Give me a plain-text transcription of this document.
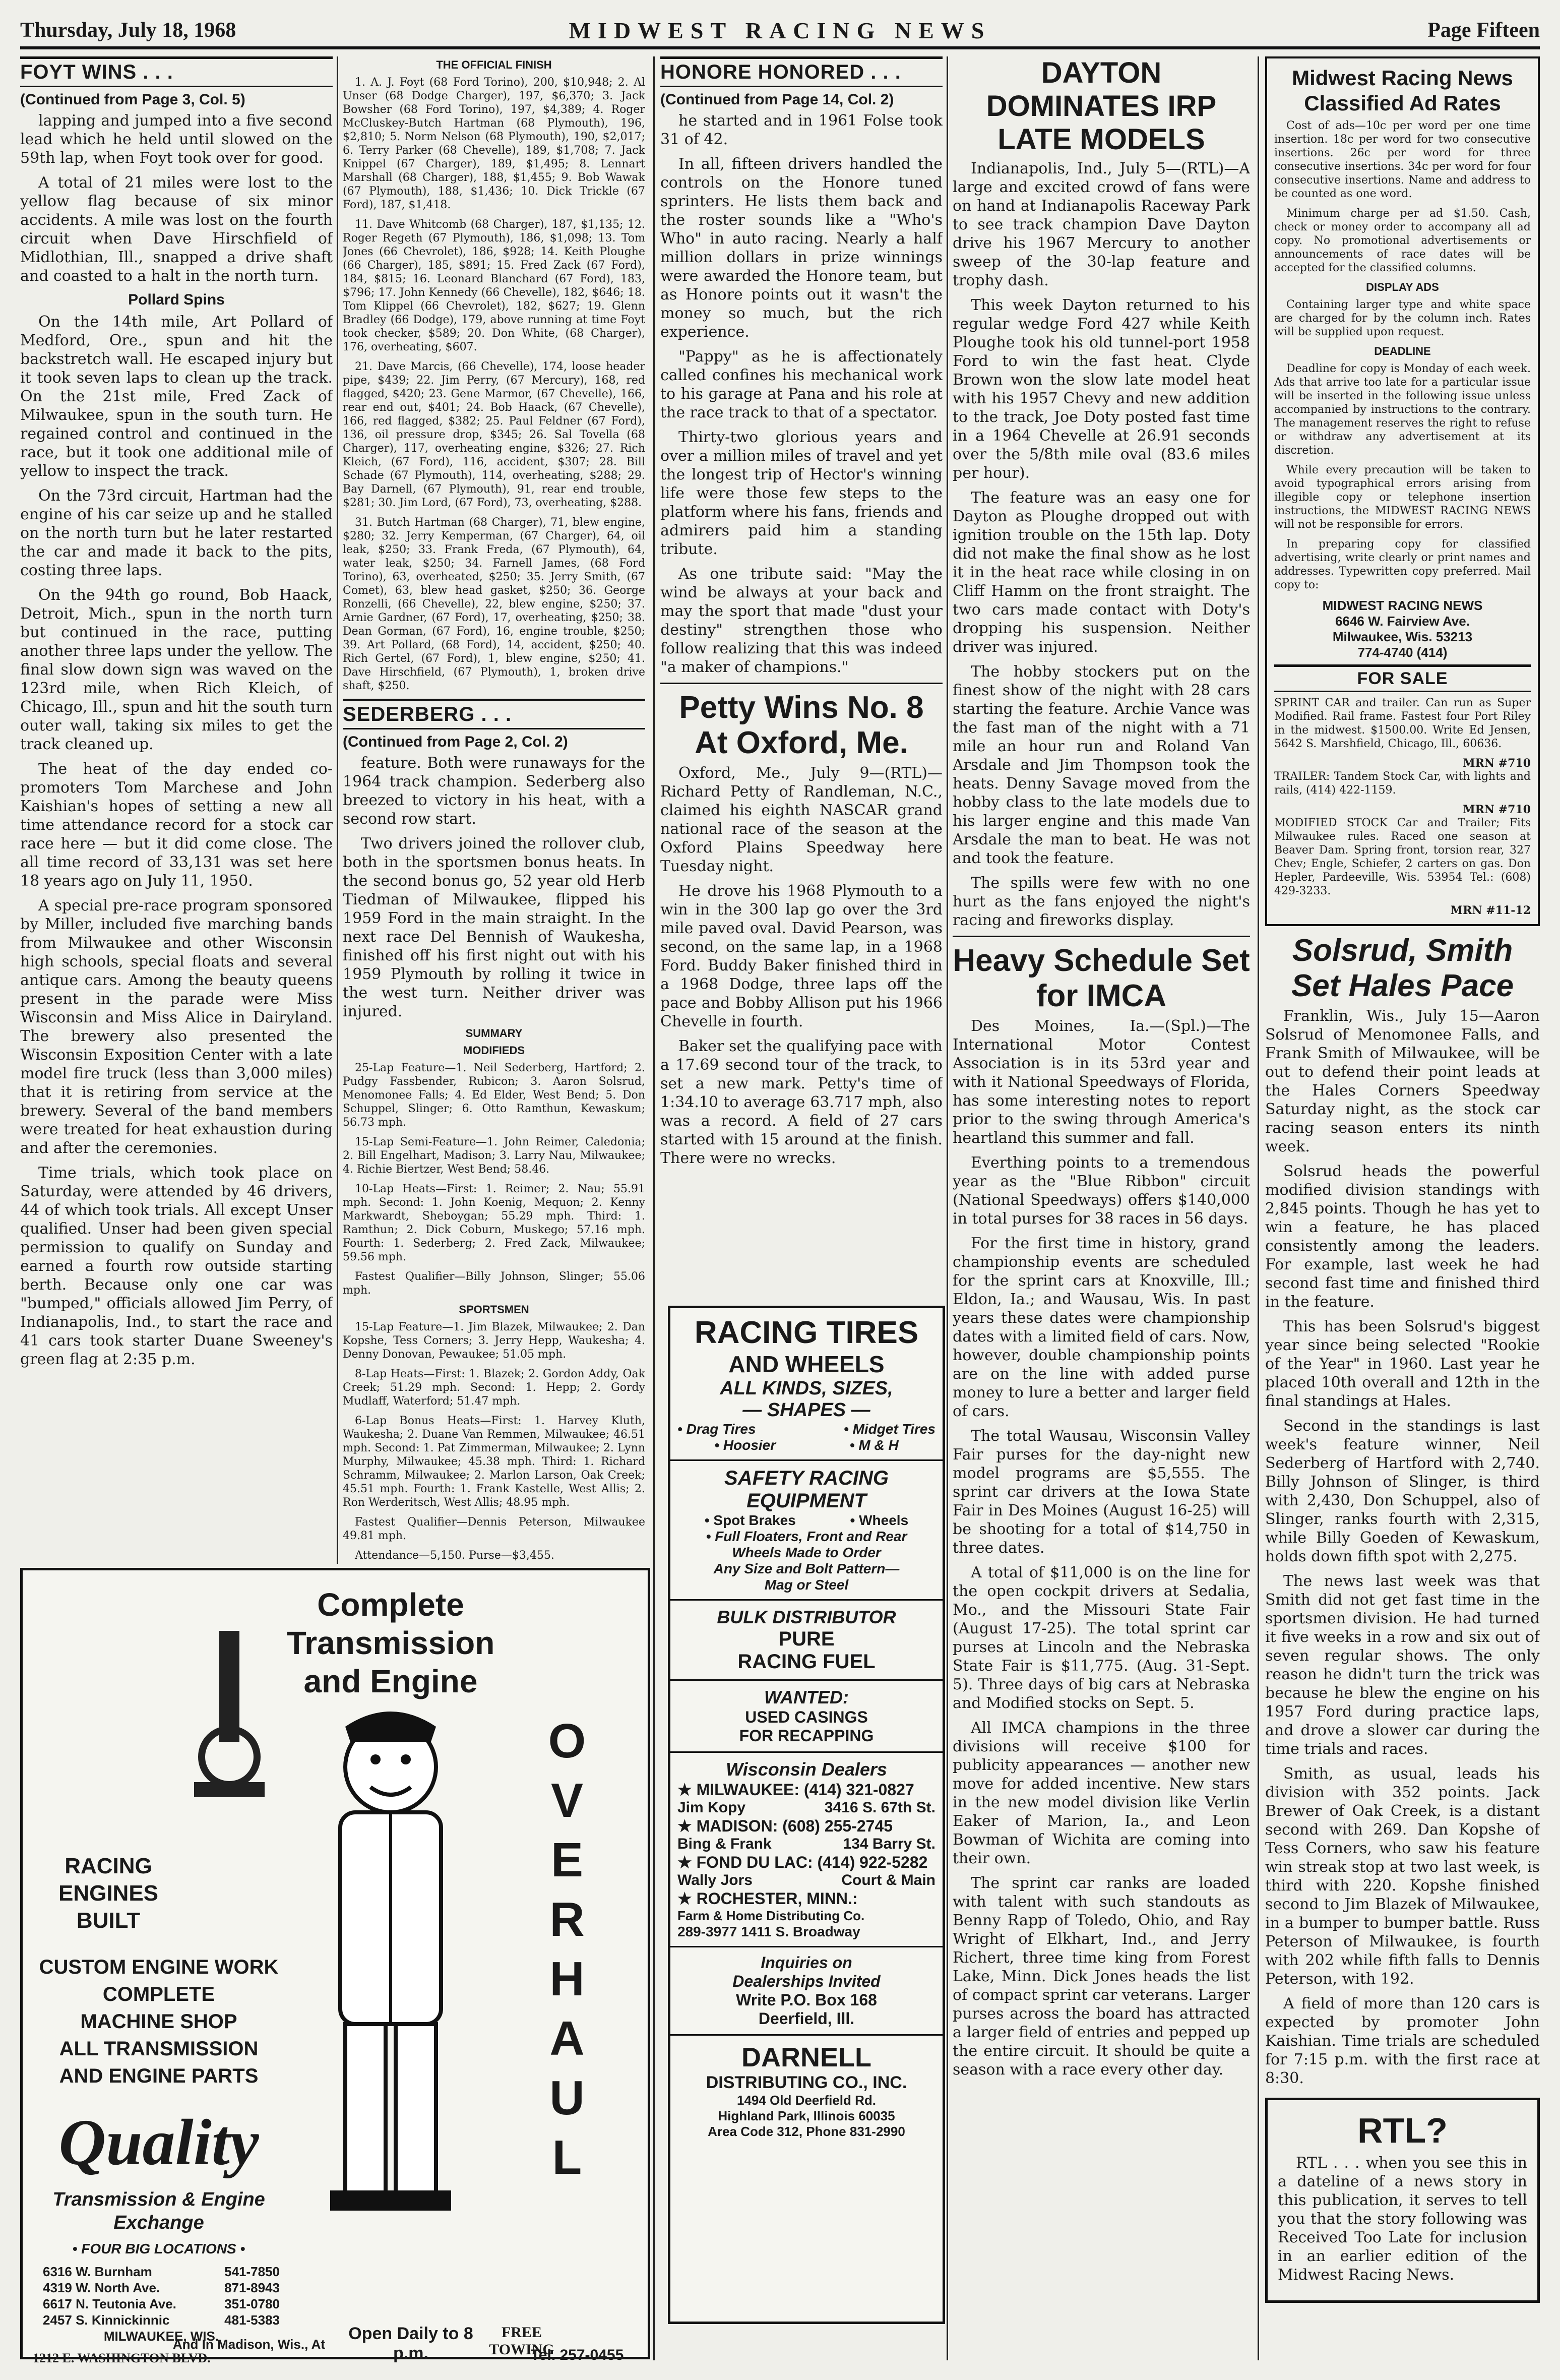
Thursday, July 18, 1968	MIDWEST RACING NEWS	Page Fifteen
FOYT WINS . . .
(Continued from Page 3, Col. 5)

lapping and jumped into a five second lead which he held until slowed on the 59th lap, when Foyt took over for good.

A total of 21 miles were lost to the yellow flag because of six minor accidents. A mile was lost on the fourth circuit when Dave Hirschfield of Midlothian, Ill., snapped a drive shaft and coasted to a halt in the north turn.

Pollard Spins

On the 14th mile, Art Pollard of Medford, Ore., spun and hit the backstretch wall. He escaped injury but it took seven laps to clean up the track. On the 21st mile, Fred Zack of Milwaukee, spun in the south turn. He regained control and continued in the race, but it took one additional mile of yellow to inspect the track.

On the 73rd circuit, Hartman had the engine of his car seize up and he stalled on the north turn but he later restarted the car and made it back to the pits, costing three laps.

On the 94th go round, Bob Haack, Detroit, Mich., spun in the north turn but continued in the race, putting another three laps under the yellow. The final slow down sign was waved on the 123rd mile, when Rich Kleich, of Chicago, Ill., spun and hit the south turn outer wall, taking six miles to get the track cleaned up.

The heat of the day ended co-promoters Tom Marchese and John Kaishian's hopes of setting a new all time attendance record for a stock car race here — but it did come close. The all time record of 33,131 was set here 18 years ago on July 11, 1950.

A special pre-race program sponsored by Miller, included five marching bands from Milwaukee and other Wisconsin high schools, special floats and several antique cars. Among the beauty queens present in the parade were Miss Wisconsin and Miss Alice in Dairyland. The brewery also presented the Wisconsin Exposition Center with a late model fire truck (less than 3,000 miles) that it is retiring from service at the brewery. Several of the band members were treated for heat exhaustion during and after the ceremonies.

Time trials, which took place on Saturday, were attended by 46 drivers, 44 of which took trials. All except Unser qualified. Unser had been given special permission to qualify on Sunday and earned a fourth row outside starting berth. Because only one car was "bumped," officials allowed Jim Perry, of Indianapolis, Ind., to start the race and 41 cars took starter Duane Sweeney's green flag at 2:35 p.m.

THE OFFICIAL FINISH

1. A. J. Foyt (68 Ford Torino), 200, $10,948; 2. Al Unser (68 Dodge Charger), 197, $6,370; 3. Jack Bowsher (68 Ford Torino), 197, $4,389; 4. Roger McCluskey-Butch Hartman (68 Plymouth), 196, $2,810; 5. Norm Nelson (68 Plymouth), 190, $2,017; 6. Terry Parker (68 Chevelle), 189, $1,708; 7. Jack Knippel (67 Charger), 189, $1,495; 8. Lennart Marshall (68 Charger), 188, $1,455; 9. Bob Wawak (67 Plymouth), 188, $1,436; 10. Dick Trickle (67 Ford), 187, $1,418.

11. Dave Whitcomb (68 Charger), 187, $1,135; 12. Roger Regeth (67 Plymouth), 186, $1,098; 13. Tom Jones (66 Chevrolet), 186, $928; 14. Keith Ploughe (66 Charger), 185, $891; 15. Fred Zack (67 Ford), 184, $815; 16. Leonard Blanchard (67 Ford), 183, $796; 17. John Kennedy (66 Chevelle), 182, $646; 18. Tom Klippel (66 Chevrolet), 182, $627; 19. Glenn Bradley (66 Dodge), 179, above running at time Foyt took checker, $589; 20. Don White, (68 Charger), 176, overheating, $607.

21. Dave Marcis, (66 Chevelle), 174, loose header pipe, $439; 22. Jim Perry, (67 Mercury), 168, red flagged, $420; 23. Gene Marmor, (67 Chevelle), 166, rear end out, $401; 24. Bob Haack, (67 Chevelle), 166, red flagged, $382; 25. Paul Feldner (67 Ford), 136, oil pressure drop, $345; 26. Sal Tovella (68 Charger), 117, overheating engine, $326; 27. Rich Kleich, (67 Ford), 116, accident, $307; 28. Bill Schade (67 Plymouth), 114, overheating, $288; 29. Bay Darnell, (67 Plymouth), 91, rear end trouble, $281; 30. Jim Lord, (67 Ford), 73, overheating, $288.

31. Butch Hartman (68 Charger), 71, blew engine, $280; 32. Jerry Kemperman, (67 Charger), 64, oil leak, $250; 33. Frank Freda, (67 Plymouth), 64, water leak, $250; 34. Farnell James, (68 Ford Torino), 63, overheated, $250; 35. Jerry Smith, (67 Comet), 63, blew head gasket, $250; 36. George Ronzelli, (66 Chevelle), 22, blew engine, $250; 37. Arnie Gardner, (67 Ford), 17, overheating, $250; 38. Dean Gorman, (67 Ford), 16, engine trouble, $250; 39. Art Pollard, (68 Ford), 14, accident, $250; 40. Rich Gertel, (67 Ford), 1, blew engine, $250; 41. Dave Hirschfield, (67 Plymouth), 1, broken drive shaft, $250.

SEDERBERG . . .
(Continued from Page 2, Col. 2)

feature. Both were runaways for the 1964 track champion. Sederberg also breezed to victory in his heat, with a second row start.

Two drivers joined the rollover club, both in the sportsmen bonus heats. In the second bonus go, 52 year old Herb Tiedman of Milwaukee, flipped his 1959 Ford in the main straight. In the next race Del Bennish of Waukesha, finished off his first night out with his 1959 Plymouth by rolling it twice in the west turn. Neither driver was injured.

SUMMARY
MODIFIEDS

25-Lap Feature—1. Neil Sederberg, Hartford; 2. Pudgy Fassbender, Rubicon; 3. Aaron Solsrud, Menomonee Falls; 4. Ed Elder, West Bend; 5. Don Schuppel, Slinger; 6. Otto Ramthun, Kewaskum; 56.73 mph.

15-Lap Semi-Feature—1. John Reimer, Caledonia; 2. Bill Engelhart, Madison; 3. Larry Nau, Milwaukee; 4. Richie Biertzer, West Bend; 58.46.

10-Lap Heats—First: 1. Reimer; 2. Nau; 55.91 mph. Second: 1. John Koenig, Mequon; 2. Kenny Markwardt, Sheboygan; 55.29 mph. Third: 1. Ramthun; 2. Dick Coburn, Muskego; 57.16 mph. Fourth: 1. Sederberg; 2. Fred Zack, Milwaukee; 59.56 mph.

Fastest Qualifier—Billy Johnson, Slinger; 55.06 mph.

SPORTSMEN

15-Lap Feature—1. Jim Blazek, Milwaukee; 2. Dan Kopshe, Tess Corners; 3. Jerry Hepp, Waukesha; 4. Denny Donovan, Pewaukee; 51.05 mph.

8-Lap Heats—First: 1. Blazek; 2. Gordon Addy, Oak Creek; 51.29 mph. Second: 1. Hepp; 2. Gordy Mudlaff, Waterford; 51.47 mph.

6-Lap Bonus Heats—First: 1. Harvey Kluth, Waukesha; 2. Duane Van Remmen, Milwaukee; 46.51 mph. Second: 1. Pat Zimmerman, Milwaukee; 2. Lynn Murphy, Milwaukee; 45.38 mph. Third: 1. Richard Schramm, Milwaukee; 2. Marlon Larson, Oak Creek; 45.51 mph. Fourth: 1. Frank Kastelle, West Allis; 2. Ron Werderitsch, West Allis; 48.95 mph.

Fastest Qualifier—Dennis Peterson, Milwaukee 49.81 mph.

Attendance—5,150. Purse—$3,455.

HONORE HONORED . . .
(Continued from Page 14, Col. 2)

he started and in 1961 Folse took 31 of 42.

In all, fifteen drivers handled the controls on the Honore tuned sprinters. He lists them back and the roster sounds like a "Who's Who" in auto racing. Nearly a half million dollars in prize winnings were awarded the Honore team, but as Honore points out it wasn't the money so much, but the rich experience.

"Pappy" as he is affectionately called confines his mechanical work to his garage at Pana and his role at the race track to that of a spectator.

Thirty-two glorious years and over a million miles of travel and yet the longest trip of Hector's winning life were those few steps to the platform where his fans, friends and admirers paid him a standing tribute.

As one tribute said: "May the wind be always at your back and may the sport that made "dust your destiny" strengthen those who follow realizing that this was indeed "a maker of champions."

Petty Wins No. 8 At Oxford, Me.

Oxford, Me., July 9—(RTL)—Richard Petty of Randleman, N.C., claimed his eighth NASCAR grand national race of the season at the Oxford Plains Speedway here Tuesday night.

He drove his 1968 Plymouth to a win in the 300 lap go over the 3rd mile paved oval. David Pearson, was second, on the same lap, in a 1968 Ford. Buddy Baker finished third in a 1968 Dodge, three laps off the pace and Bobby Allison put his 1966 Chevelle in fourth.

Baker set the qualifying pace with a 17.69 second tour of the track, to set a new mark. Petty's time of 1:34.10 to average 63.717 mph, also was a record. A field of 27 cars started with 15 around at the finish. There were no wrecks.

DAYTON DOMINATES IRP LATE MODELS

Indianapolis, Ind., July 5—(RTL)—A large and excited crowd of fans were on hand at Indianapolis Raceway Park to see track champion Dave Dayton drive his 1967 Mercury to another sweep of the 30-lap feature and trophy dash.

This week Dayton returned to his regular wedge Ford 427 while Keith Ploughe took his old tunnel-port 1958 Ford to win the fast heat. Clyde Brown won the slow late model heat with his 1957 Chevy and new addition to the track, Joe Doty posted fast time in a 1964 Chevelle at 26.91 seconds over the 5/8th mile oval (83.6 miles per hour).

The feature was an easy one for Dayton as Ploughe dropped out with ignition trouble on the 15th lap. Doty did not make the final show as he lost it in the heat race while closing in on Cliff Hamm on the front straight. The two cars made contact with Doty's dropping his suspension. Neither driver was injured.

The hobby stockers put on the finest show of the night with 28 cars starting the feature. Archie Vance was the fast man of the night with a 71 mile an hour run and Roland Van Arsdale and Jim Thompson took the heats. Denny Savage moved from the hobby class to the late models due to his larger engine and this made Van Arsdale the man to beat. He was not and took the feature.

The spills were few with no one hurt as the fans enjoyed the night's racing and fireworks display.

Heavy Schedule Set for IMCA

Des Moines, Ia.—(Spl.)—The International Motor Contest Association is in its 53rd year and with it National Speedways of Florida, has some interesting notes to report prior to the swing through America's heartland this summer and fall.

Everthing points to a tremendous year as the "Blue Ribbon" circuit (National Speedways) offers $140,000 in total purses for 38 races in 56 days.

For the first time in history, grand championship events are scheduled for the sprint cars at Knoxville, Ill.; Eldon, Ia.; and Wausau, Wis. In past years these dates were championship dates with a limited field of cars. Now, however, double championship points are on the line with added purse money to lure a better and larger field of cars.

The total Wausau, Wisconsin Valley Fair purses for the day-night new model programs are $5,555. The sprint car drivers at the Iowa State Fair in Des Moines (August 16-25) will be shooting for a total of $14,750 in three dates.

A total of $11,000 is on the line for the open cockpit drivers at Sedalia, Mo., and the Missouri State Fair (August 17-25). The total sprint car purses at Lincoln and the Nebraska State Fair is $11,775. (Aug. 31-Sept. 5). Three days of big cars at Nebraska and Modified stocks on Sept. 5.

All IMCA champions in the three divisions will receive $100 for publicity appearances — another new move for added incentive. New stars in the new model division like Verlin Eaker of Marion, Ia., and Leon Bowman of Wichita are coming into their own.

The sprint car ranks are loaded with talent with such standouts as Benny Rapp of Toledo, Ohio, and Ray Wright of Elkhart, Ind., and Jerry Richert, three time king from Forest Lake, Minn. Dick Jones heads the list of compact sprint car veterans. Larger purses across the board has attracted a larger field of entries and pepped up the entire circuit. It should be quite a season with a race every other day.

Midwest Racing News Classified Ad Rates

Cost of ads—10c per word per one time insertion. 18c per word for two consecutive insertions. 26c per word for three consecutive insertions. 34c per word for four consecutive insertions. Name and address to be counted as one word.

Minimum charge per ad $1.50. Cash, check or money order to accompany all ad copy. No promotional advertisements or announcements of race dates will be accepted for the classified columns.

DISPLAY ADS

Containing larger type and white space are charged for by the column inch. Rates will be supplied upon request.

DEADLINE

Deadline for copy is Monday of each week. Ads that arrive too late for a particular issue will be inserted in the following issue unless accompanied by instructions to the contrary. The management reserves the right to refuse or withdraw any advertisement at its discretion.

While every precaution will be taken to avoid typographical errors arising from illegible copy or telephone insertion instructions, the MIDWEST RACING NEWS will not be responsible for errors.

In preparing copy for classified advertising, write clearly or print names and addresses. Typewritten copy preferred. Mail copy to:

MIDWEST RACING NEWS
6646 W. Fairview Ave.
Milwaukee, Wis. 53213
774-4740 (414)
FOR SALE

SPRINT CAR and trailer. Can run as Super Modified. Rail frame. Fastest four Port Riley in the midwest. $1500.00. Write Ed Jensen, 5642 S. Marshfield, Chicago, Ill., 60636.

MRN #710

TRAILER: Tandem Stock Car, with lights and rails, (414) 422-1159.

MRN #710

MODIFIED STOCK Car and Trailer; Fits Milwaukee rules. Raced one season at Beaver Dam. Spring front, torsion rear, 327 Chev; Engle, Schiefer, 2 carters on gas. Don Hepler, Pardeeville, Wis. 53954 Tel.: (608) 429-3233.

MRN #11-12
Solsrud, Smith Set Hales Pace

Franklin, Wis., July 15—Aaron Solsrud of Menomonee Falls, and Frank Smith of Milwaukee, will be out to defend their point leads at the Hales Corners Speedway Saturday night, as the stock car racing season enters its ninth week.

Solsrud heads the powerful modified division standings with 2,845 points. Though he has yet to win a feature, he has placed consistently among the leaders. For example, last week he had second fast time and finished third in the feature.

This has been Solsrud's biggest year since being selected "Rookie of the Year" in 1960. Last year he placed 10th overall and 12th in the final standings at Hales.

Second in the standings is last week's feature winner, Neil Sederberg of Hartford with 2,740. Billy Johnson of Slinger, is third with 2,430, Don Schuppel, also of Slinger, ranks fourth with 2,315, while Billy Goeden of Kewaskum, holds down fifth spot with 2,275.

The news last week was that Smith did not get fast time in the sportsmen division. He had turned it five weeks in a row and six out of seven regular shows. The only reason he didn't turn the trick was because he blew the engine on his 1957 Ford during practice laps, and drove a slower car during the time trials and races.

Smith, as usual, leads his division with 352 points. Jack Brewer of Oak Creek, is a distant second with 269. Dan Kopshe of Tess Corners, who saw his feature win streak stop at two last week, is third with 220. Kopshe finished second to Jim Blazek of Milwaukee, in a bumper to bumper battle. Russ Peterson of Milwaukee, is fourth with 202 while fifth falls to Dennis Peterson, with 192.

A field of more than 120 cars is expected by promoter John Kaishian. Time trials are scheduled for 7:15 p.m. with the first race at 8:30.

RTL?

RTL . . . when you see this in a dateline of a news story in this publication, it serves to tell you that the story following was Received Too Late for inclusion in an earlier edition of the Midwest Racing News.

Complete
Transmission
and Engine
OVERHAUL
RACING
ENGINES
BUILT
CUSTOM ENGINE WORK
COMPLETE
MACHINE SHOP
ALL TRANSMISSION
AND ENGINE PARTS
Quality
Transmission & Engine
Exchange
• FOUR BIG LOCATIONS •
6316 W. Burnham	541-7850
4319 W. North Ave.	871-8943
6617 N. Teutonia Ave.	351-0780
2457 S. Kinnickinnic	481-5383
MILWAUKEE, WIS.
And In Madison, Wis., At
1212 E. WASHINGTON BLVD.
Open Daily to 8 p.m.
FREE TOWING
Tel. 257-0455
RACING TIRES
AND WHEELS
ALL KINDS, SIZES,
— SHAPES —
• Drag Tires	• Midget Tires
• Hoosier	• M & H
SAFETY RACING
EQUIPMENT
• Spot Brakes	• Wheels
• Full Floaters, Front and Rear
Wheels Made to Order
Any Size and Bolt Pattern—
Mag or Steel
BULK DISTRIBUTOR
PURE
RACING FUEL
WANTED:
USED CASINGS
FOR RECAPPING
Wisconsin Dealers
★ MILWAUKEE: (414) 321-0827
Jim Kopy	3416 S. 67th St.
★ MADISON: (608) 255-2745
Bing & Frank	134 Barry St.
★ FOND DU LAC: (414) 922-5282
Wally Jors	Court & Main
★ ROCHESTER, MINN.:
Farm & Home Distributing Co.
289-3977 1411 S. Broadway
Inquiries on
Dealerships Invited
Write P.O. Box 168
Deerfield, Ill.
DARNELL
DISTRIBUTING CO., INC.
1494 Old Deerfield Rd.
Highland Park, Illinois 60035
Area Code 312, Phone 831-2990
